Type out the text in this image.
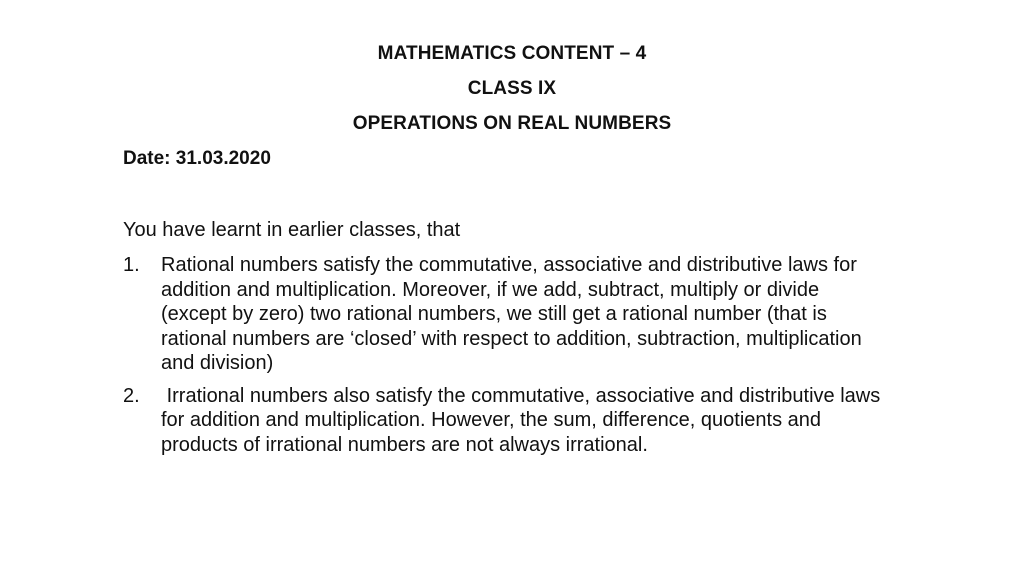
MATHEMATICS CONTENT – 4
CLASS IX
OPERATIONS ON REAL NUMBERS
Date: 31.03.2020
You have learnt in earlier classes, that
1. Rational numbers satisfy the commutative, associative and distributive laws for addition and multiplication. Moreover, if we add, subtract, multiply or divide (except by zero) two rational numbers, we still get a rational number (that is rational numbers are ‘closed’ with respect to addition, subtraction, multiplication and division)
2. Irrational numbers also satisfy the commutative, associative and distributive laws for addition and multiplication. However, the sum, difference, quotients and products of irrational numbers are not always irrational.
